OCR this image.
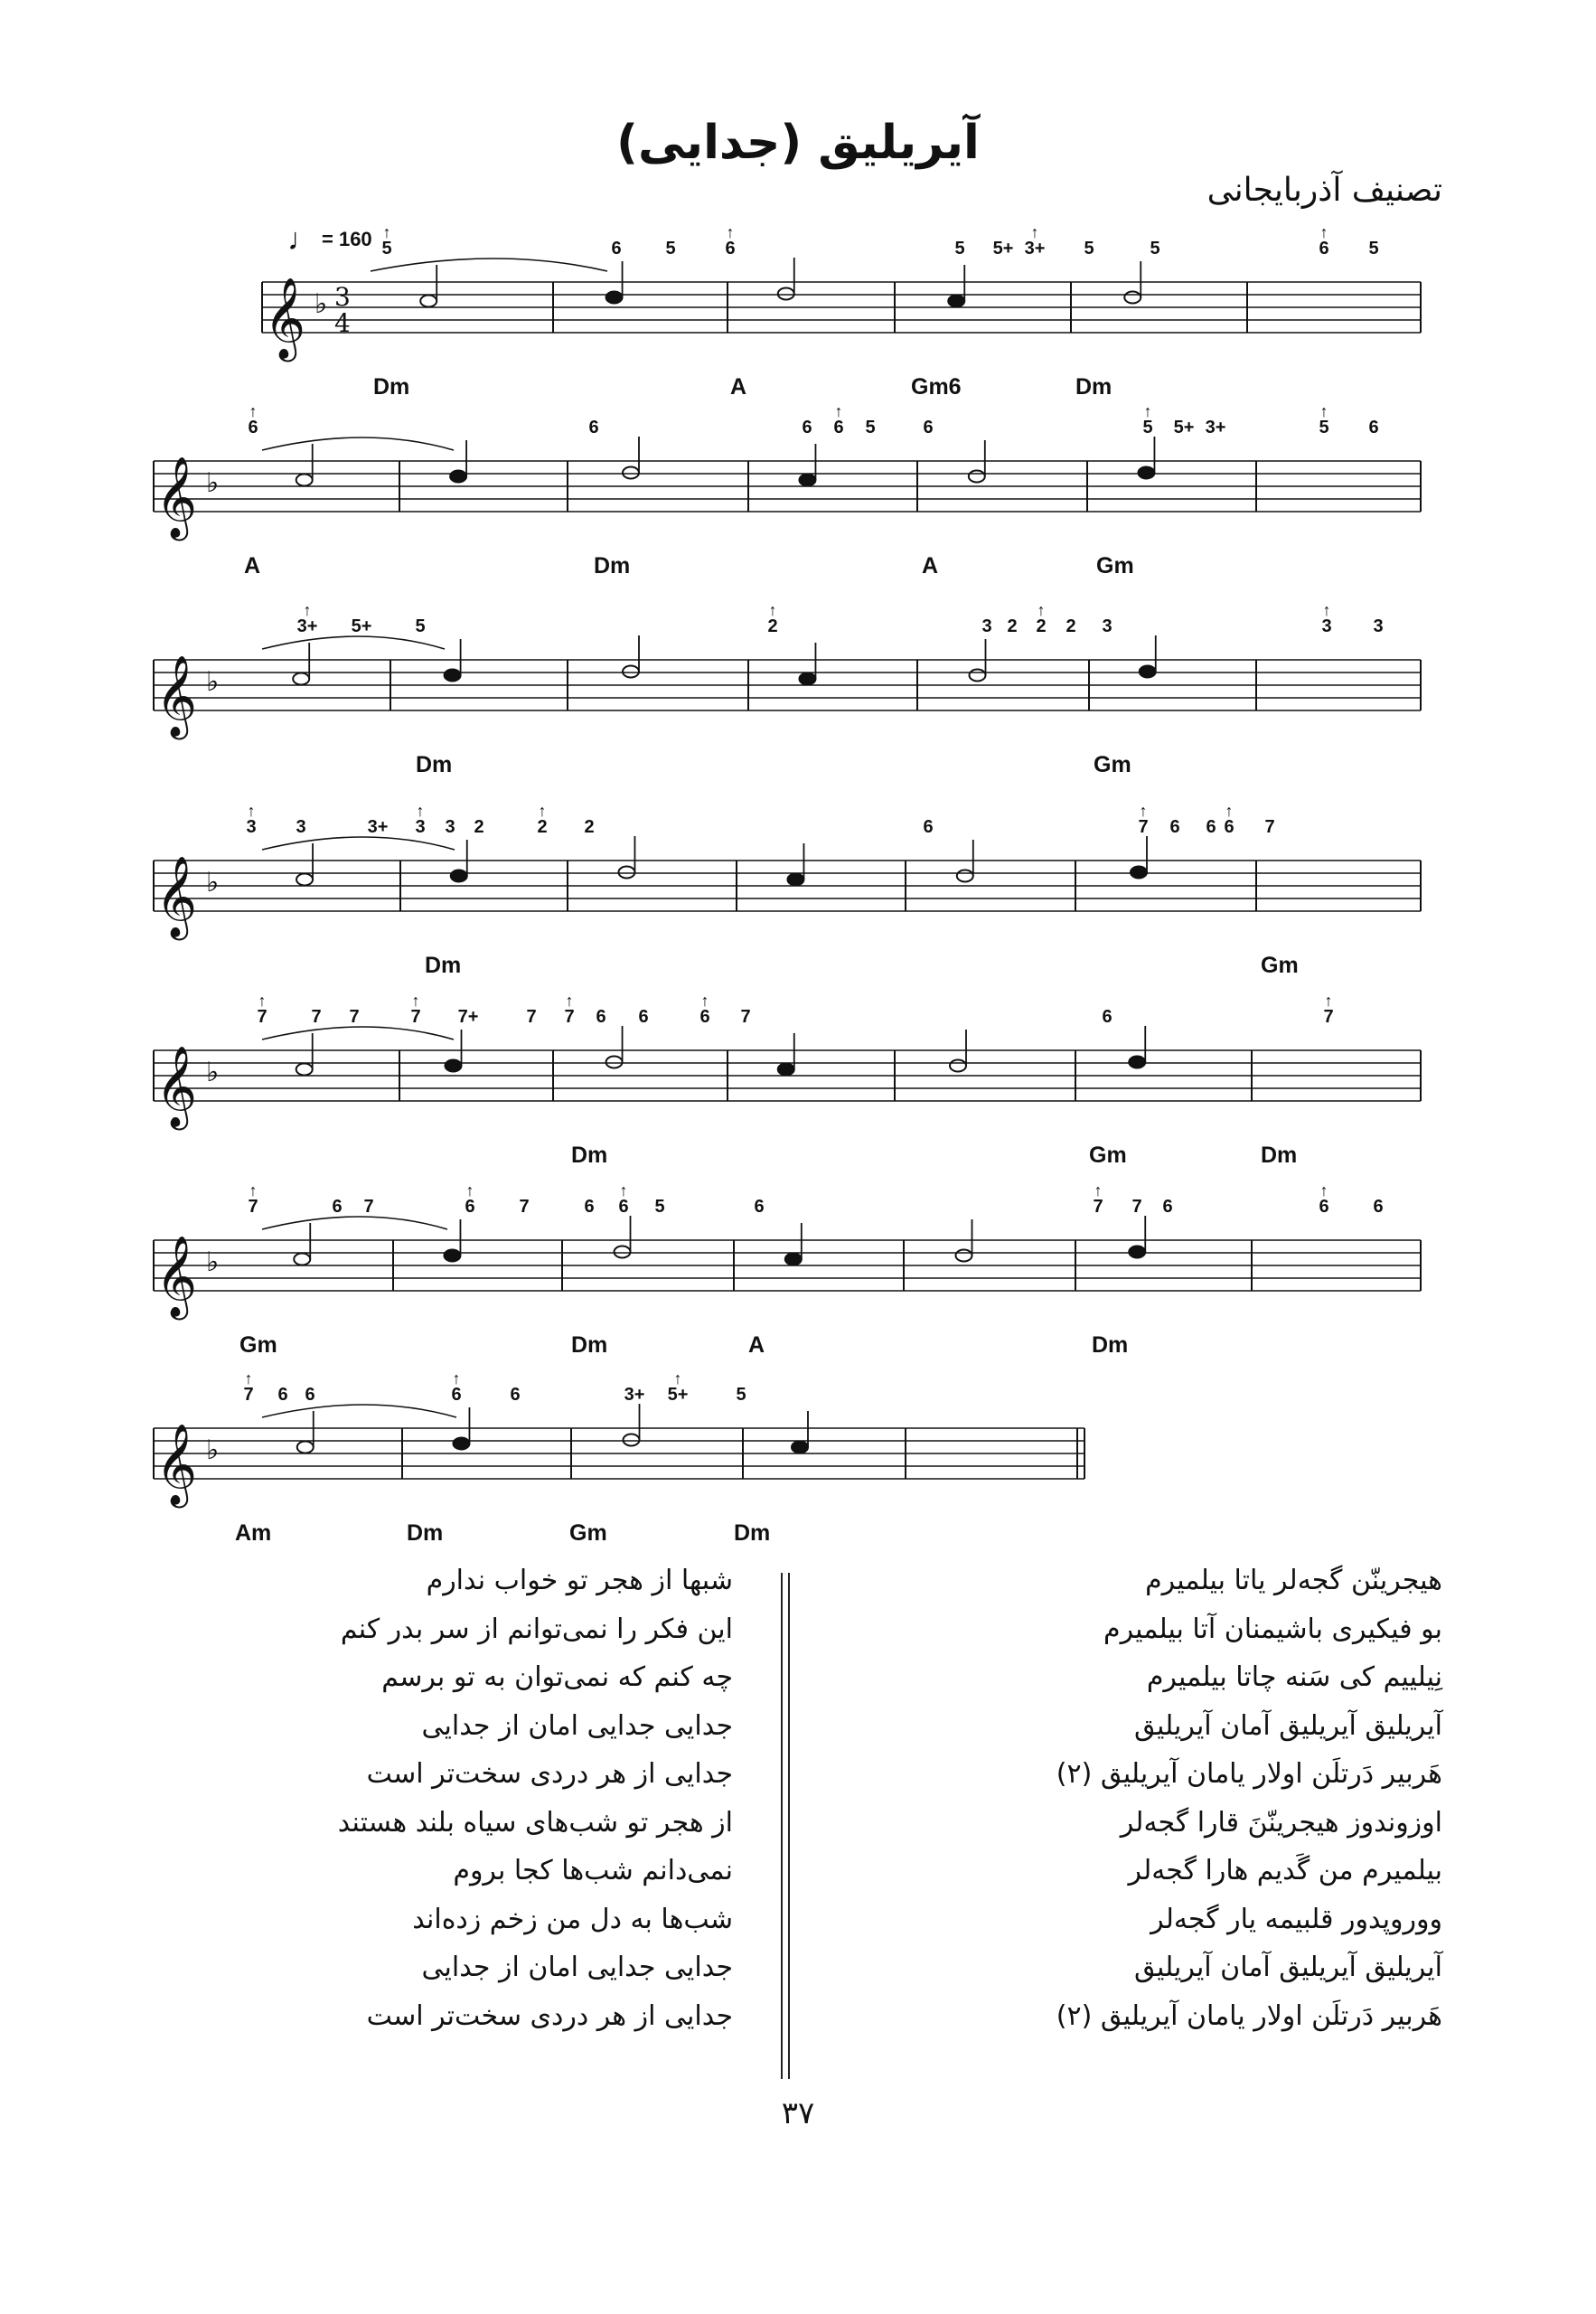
آیریلیق (جدایی)
تصنیف آذربایجانی
♩ = 160
𝄞 ♭ 3
4
𝄞 ♭
𝄞 ♭
𝄞 ♭
𝄞 ♭
𝄞 ♭
𝄞 ♭
Dm	A	Gm6	Dm
↑
5
	6
	5
↑
6
	5
	5+
↑
3+
	5
	5
↑
6
	5
A	Dm	A	Gm
↑
6
	6
	6
↑
6
	5
	6
↑
5
	5+
3+
↑
5
	6
Dm	Gm
↑
3+
5+
	5
↑
2
	3
2
↑
2
	2
	3
↑
3
	3
Dm	Gm
↑
3
	3
	3+
↑
3
	3
	2
↑
2
	2
	6
↑
7
	6
	6
↑
6
	7
Dm	Gm	Dm
↑
7
	7
	7
↑
7
	7+
	7
↑
7
	6
	6
↑
6
	7
	6
↑
7
Gm	Dm	A	Dm
↑
7
	6
	7
↑
6
	7
	6
↑
6
	5
	6
↑
7
	7
	6
↑
6
	6
Am	Dm	Gm	Dm
↑
7
	6
6
↑
6
	6
	3+
↑
5+
	5
هیجرینّن گجه‌لر یاتا بیلمیرم
بو فیکیری باشیمنان آتا بیلمیرم
نِیلییم کی سَنه چاتا بیلمیرم
آیریلیق آیریلیق آمان آیریلیق
هَربیر دَرتلَن اولار یامان آیریلیق (۲)
اوزوندوز هیجرینّنَ قارا گجه‌لر
بیلمیرم من گَدیم هارا گجه‌لر
وورو‌پدور قلبیمه یار گجه‌لر
آیریلیق آیریلیق آمان آیریلیق
هَربیر دَرتلَن اولار یامان آیریلیق (۲)
شبها از هجر تو خواب ندارم
این فکر را نمی‌توانم از سر بدر کنم
چه کنم که نمی‌توان به تو برسم
جدایی جدایی امان از جدایی
جدایی از هر دردی سخت‌تر است
از هجر تو شب‌های سیاه بلند هستند
نمی‌دانم شب‌ها کجا بروم
شب‌ها به دل من زخم زده‌اند
جدایی جدایی امان از جدایی
جدایی از هر دردی سخت‌تر است
۳۷
